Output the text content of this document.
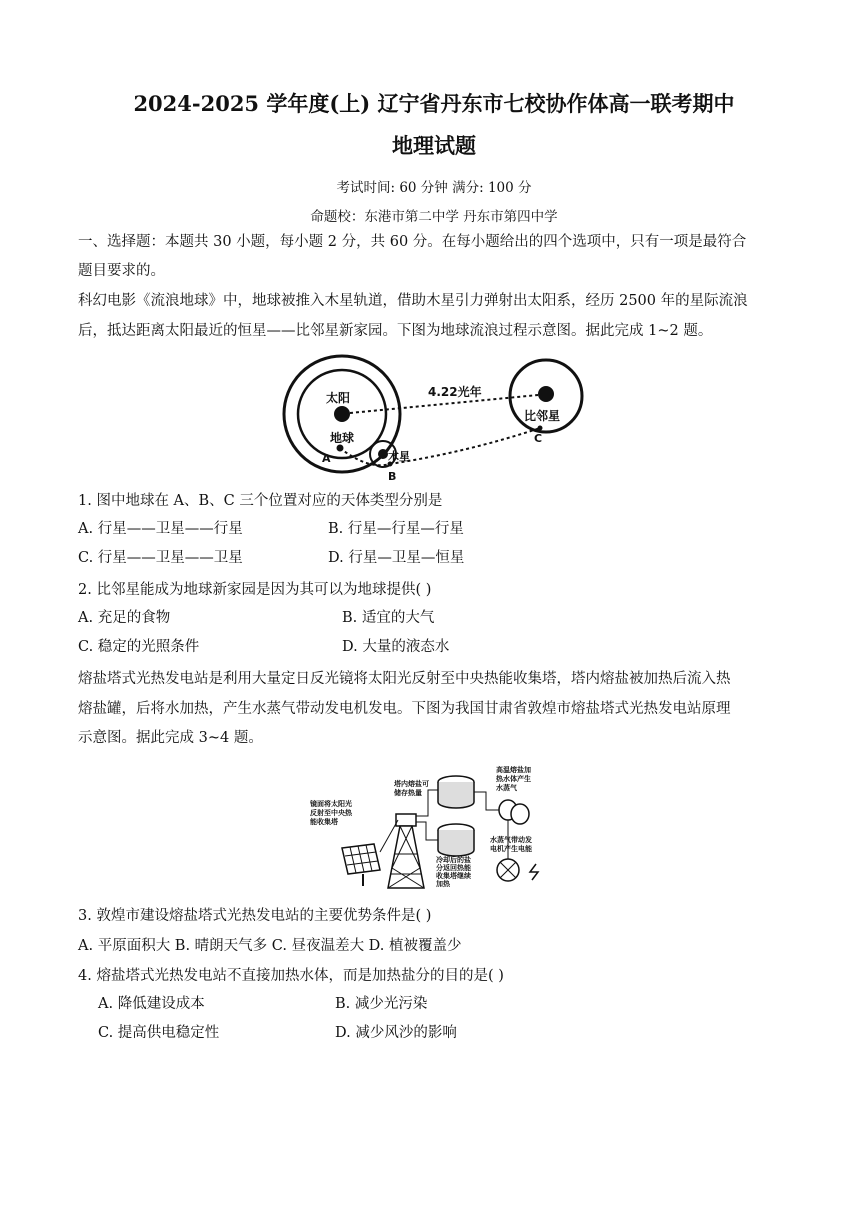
2024-2025 学年度(上) 辽宁省丹东市七校协作体高一联考期中
地理试题
考试时间: 60 分钟 满分: 100 分
命题校：东港市第二中学 丹东市第四中学
一、选择题：本题共 30 小题，每小题 2 分，共 60 分。在每小题给出的四个选项中，只有一项是最符合
题目要求的。
科幻电影《流浪地球》中，地球被推入木星轨道，借助木星引力弹射出太阳系，经历 2500 年的星际流浪
后，抵达距离太阳最近的恒星——比邻星新家园。下图为地球流浪过程示意图。据此完成 1~2 题。
太阳
地球
木星
比邻星
4.22光年
A
B
C
1. 图中地球在 A、B、C 三个位置对应的天体类型分别是
A. 行星——卫星——行星	B. 行星—行星—行星
C. 行星——卫星——卫星	D. 行星—卫星—恒星
2. 比邻星能成为地球新家园是因为其可以为地球提供( )
A. 充足的食物	B. 适宜的大气
C. 稳定的光照条件	D. 大量的液态水
熔盐塔式光热发电站是利用大量定日反光镜将太阳光反射至中央热能收集塔，塔内熔盐被加热后流入热
熔盐罐，后将水加热，产生水蒸气带动发电机发电。下图为我国甘肃省敦煌市熔盐塔式光热发电站原理
示意图。据此完成 3~4 题。
镜面将太阳光 反射至中央热 能收集塔
塔内熔盐可 储存热量
高温熔盐加 热水体产生 水蒸气
冷却后的盐 分返回热能 收集塔继续 加热
水蒸气带动发 电机产生电能
3. 敦煌市建设熔盐塔式光热发电站的主要优势条件是( )
A. 平原面积大 B. 晴朗天气多 C. 昼夜温差大 D. 植被覆盖少
4. 熔盐塔式光热发电站不直接加热水体，而是加热盐分的目的是( )
A. 降低建设成本	B. 减少光污染
C. 提高供电稳定性	D. 减少风沙的影响
